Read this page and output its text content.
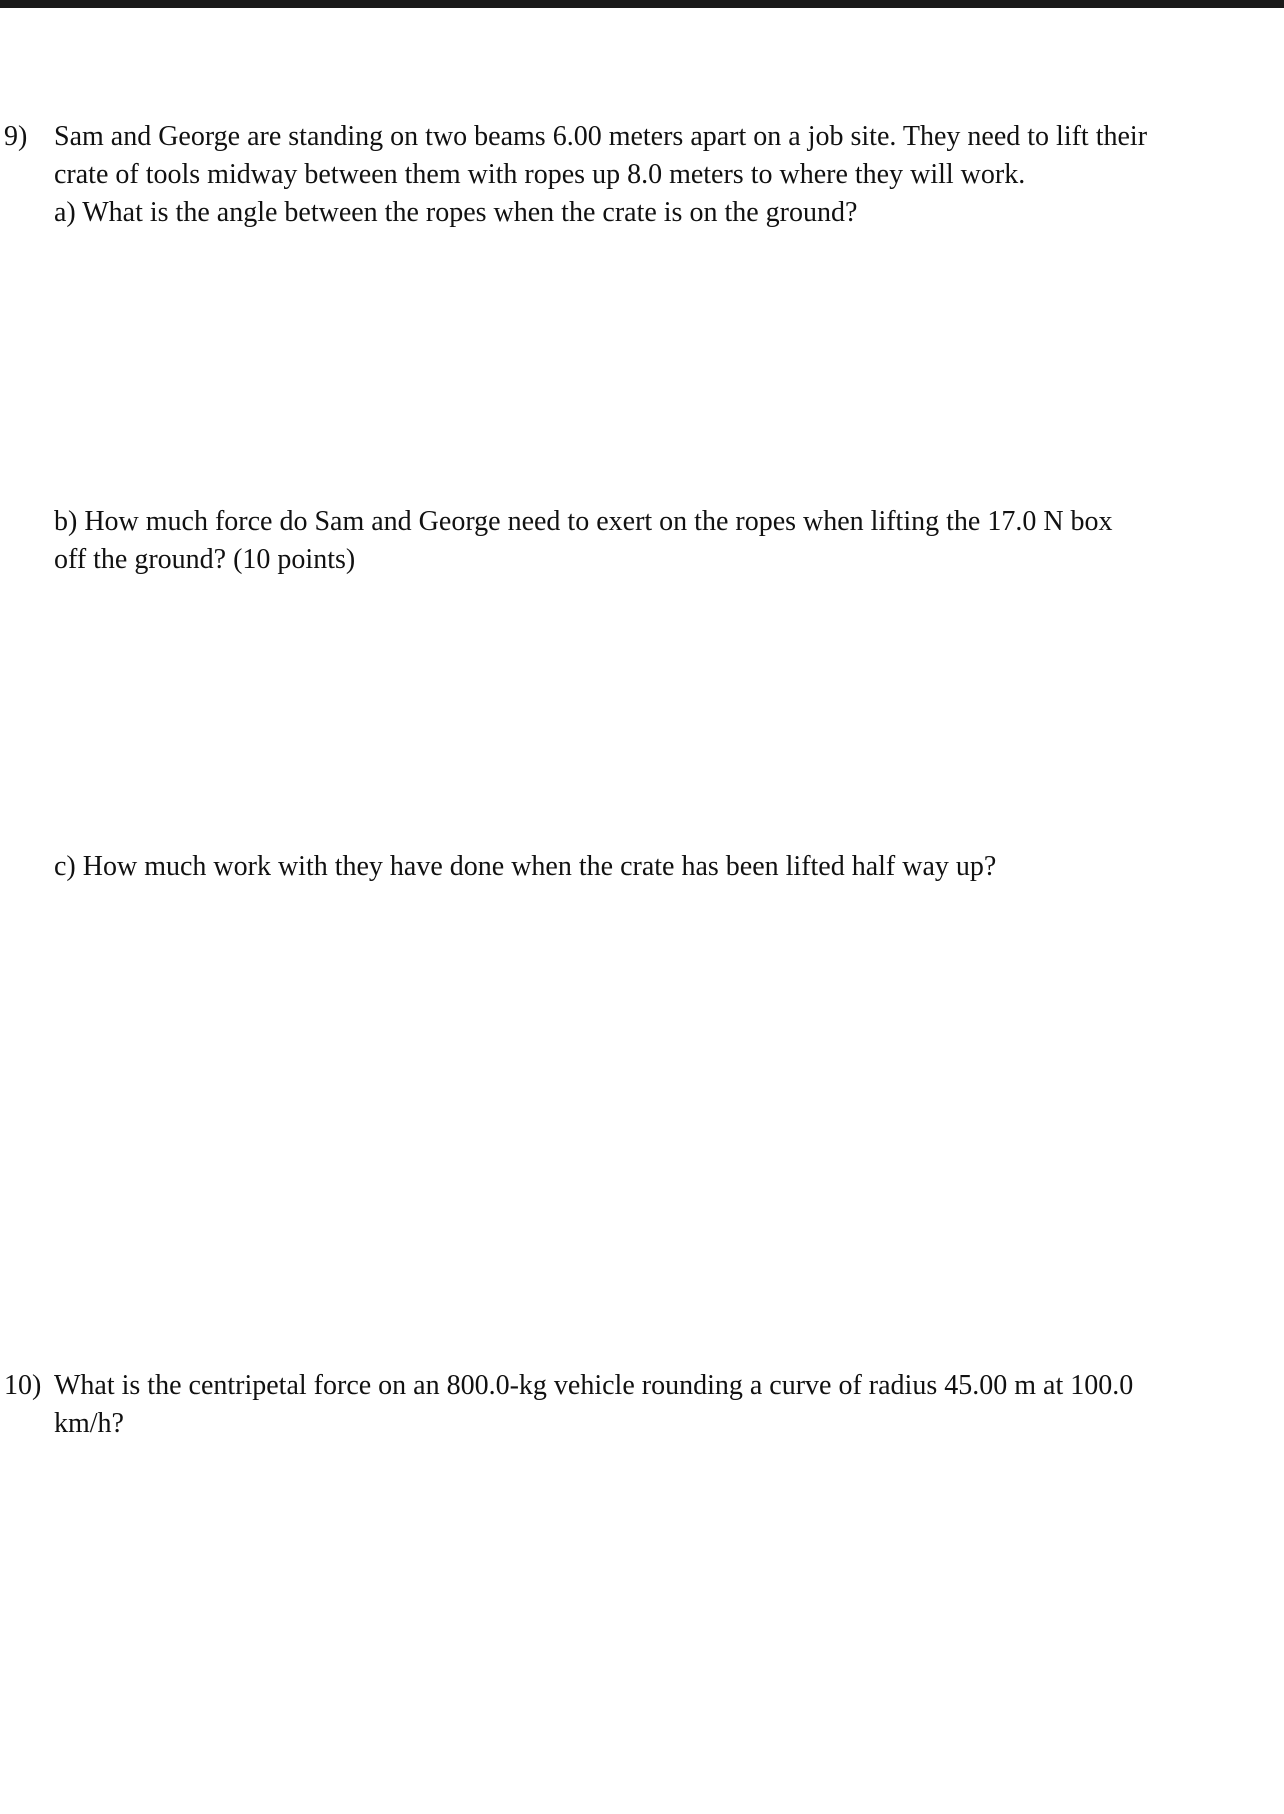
9) Sam and George are standing on two beams 6.00 meters apart on a job site. They need to lift their
crate of tools midway between them with ropes up 8.0 meters to where they will work.
a) What is the angle between the ropes when the crate is on the ground?
b) How much force do Sam and George need to exert on the ropes when lifting the 17.0 N box
off the ground? (10 points)
c) How much work with they have done when the crate has been lifted half way up?
10) What is the centripetal force on an 800.0-kg vehicle rounding a curve of radius 45.00 m at 100.0
km/h?
